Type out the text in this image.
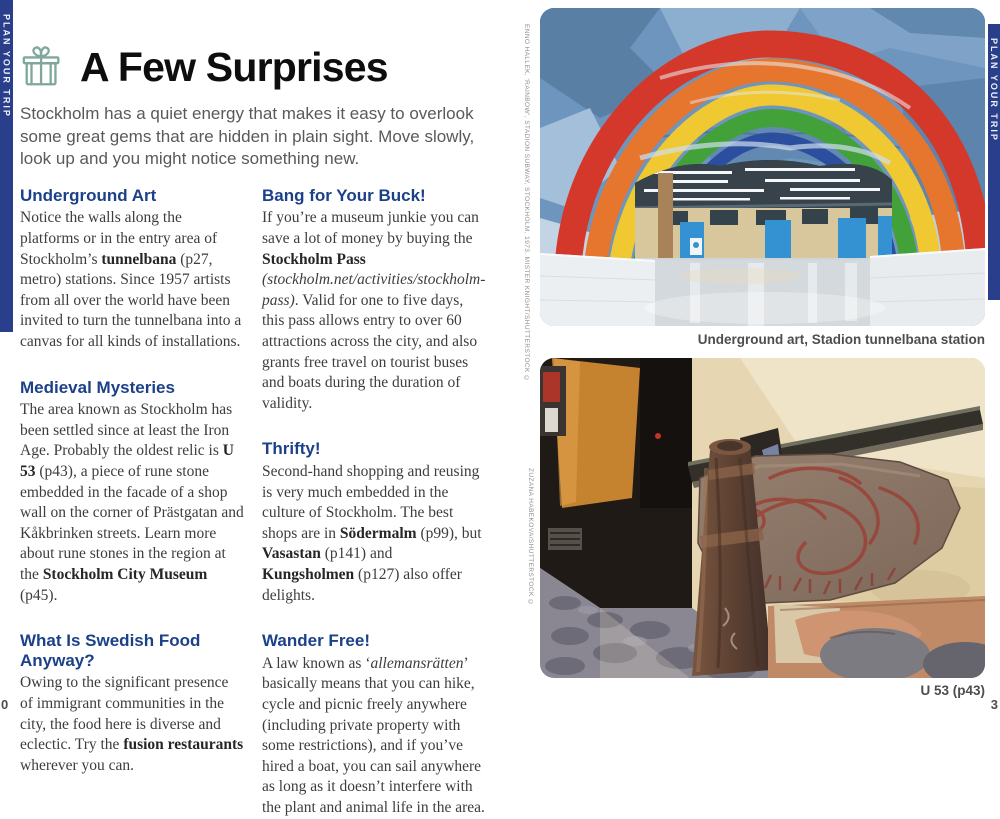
PLAN YOUR TRIP	PLAN YOUR TRIP
A Few Surprises
Stockholm has a quiet energy that makes it easy to overlook some great gems that are hidden in plain sight. Move slowly, look up and you might notice something new.
Underground Art

Notice the walls along the platforms or in the entry area of Stockholm’s tunnelbana (p27, metro) stations. Since 1957 artists from all over the world have been invited to turn the tunnelbana into a canvas for all kinds of installations.

Medieval Mysteries

The area known as Stockholm has been settled since at least the Iron Age. Probably the oldest relic is U 53 (p43), a piece of rune stone embedded in the facade of a shop wall on the corner of Prästgatan and Kåkbrinken streets. Learn more about rune stones in the region at the Stockholm City Museum (p45).

What Is Swedish Food Anyway?

Owing to the significant presence of immigrant communities in the city, the food here is diverse and eclectic. Try the fusion restaurants wherever you can.

Bang for Your Buck!

If you’re a museum junkie you can save a lot of money by buying the Stockholm Pass (stockholm.net/activities/stockholm-pass). Valid for one to five days, this pass allows entry to over 60 attractions across the city, and also grants free travel on tourist buses and boats during the duration of validity.

Thrifty!

Second-hand shopping and reusing is very much embedded in the culture of Stockholm. The best shops are in Södermalm (p99), but Vasastan (p141) and Kungsholmen (p127) also offer delights.

Wander Free!

A law known as ‘allemansrätten’ basically means that you can hike, cycle and picnic freely anywhere (including private property with some restrictions), and if you’ve hired a boat, you can sail anywhere as long as it doesn’t interfere with the plant and animal life in the area.

ENNO HALLEK, ‘RAINBOW’, STADION SUBWAY, STOCKHOLM, 1973. MISTER KNIGHT/SHUTTERSTOCK ©
ZUZANA HABEKOVA/SHUTTERSTOCK ©
Underground art, Stadion tunnelbana station
U 53 (p43)
0	3
